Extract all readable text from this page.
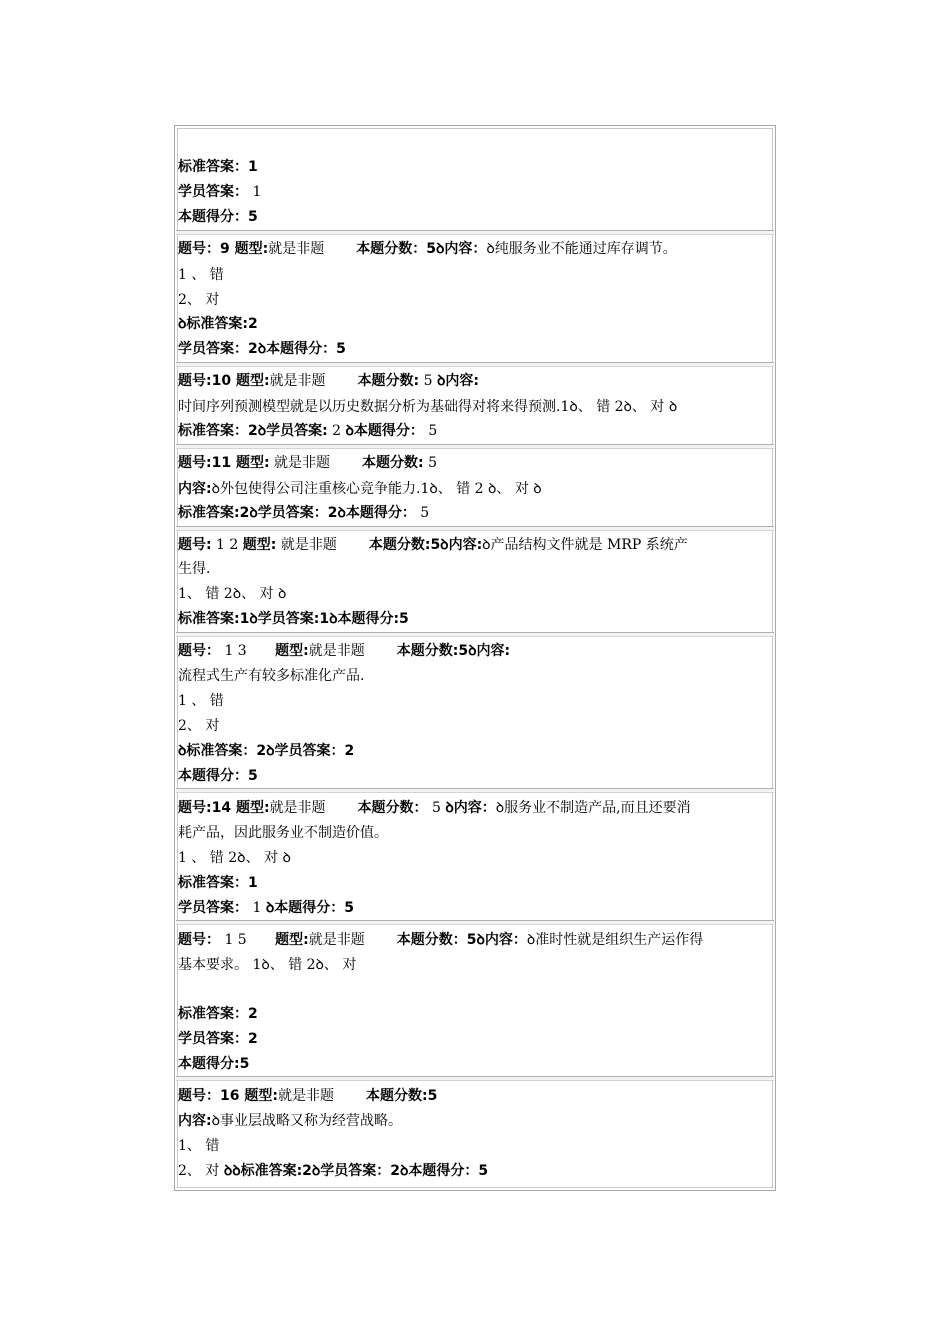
标准答案：1
学员答案： 1
本题得分：5
题号：9 题型:就是非题 本题分数：5ꝺ内容：ꝺ纯服务业不能通过库存调节。
1 、 错
2、 对
ꝺ标准答案:2
学员答案：2ꝺ本题得分：5
题号:10 题型:就是非题 本题分数: 5 ꝺ内容:
时间序列预测模型就是以历史数据分析为基础得对将来得预测.1ꝺ、 错 2ꝺ、 对 ꝺ
标准答案：2ꝺ学员答案: 2 ꝺ本题得分： 5
题号:11 题型: 就是非题 本题分数: 5
内容:ꝺ外包使得公司注重核心竞争能力.1ꝺ、 错 2 ꝺ、 对 ꝺ
标准答案:2ꝺ学员答案：2ꝺ本题得分： 5
题号: 1 2 题型: 就是非题 本题分数:5ꝺ内容:ꝺ产品结构文件就是 MRP 系统产
生得.
1、 错 2ꝺ、 对 ꝺ
标准答案:1ꝺ学员答案:1ꝺ本题得分:5
题号： 1 3 题型:就是非题 本题分数:5ꝺ内容:
流程式生产有较多标准化产品.
1 、 错
2、 对
ꝺ标准答案：2ꝺ学员答案：2
本题得分：5
题号:14 题型:就是非题 本题分数： 5 ꝺ内容：ꝺ服务业不制造产品,而且还要消
耗产品，因此服务业不制造价值。
1 、 错 2ꝺ、 对 ꝺ
标准答案：1
学员答案： 1 ꝺ本题得分：5
题号： 1 5 题型:就是非题 本题分数：5ꝺ内容：ꝺ准时性就是组织生产运作得
基本要求。 1ꝺ、 错 2ꝺ、 对
标准答案：2
学员答案：2
本题得分:5
题号：16 题型:就是非题 本题分数:5
内容:ꝺ事业层战略又称为经营战略。
1、 错
2、 对 ꝺꝺ标准答案:2ꝺ学员答案：2ꝺ本题得分：5
